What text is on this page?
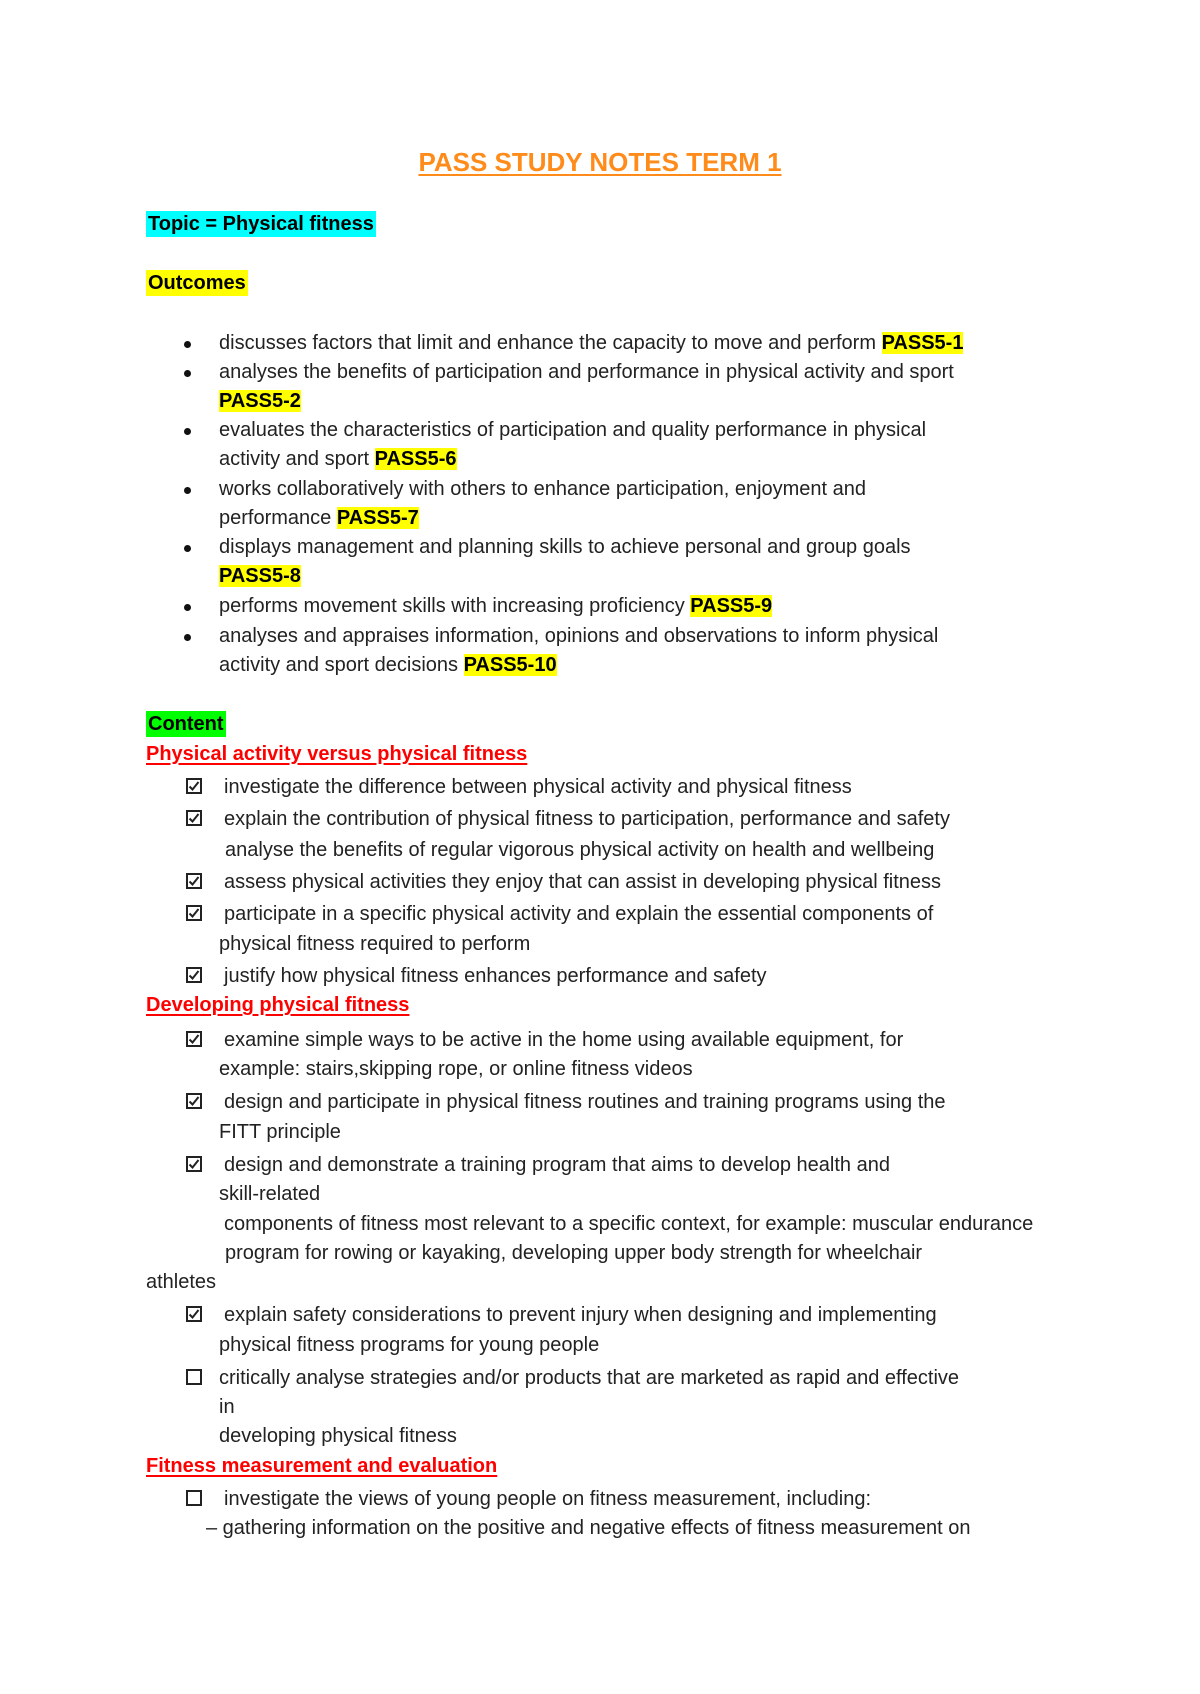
PASS STUDY NOTES TERM 1
Topic = Physical fitness
Outcomes
discusses factors that limit and enhance the capacity to move and perform PASS5-1
analyses the benefits of participation and performance in physical activity and sport
PASS5-2
evaluates the characteristics of participation and quality performance in physical
activity and sport PASS5-6
works collaboratively with others to enhance participation, enjoyment and
performance PASS5-7
displays management and planning skills to achieve personal and group goals
PASS5-8
performs movement skills with increasing proficiency PASS5-9
analyses and appraises information, opinions and observations to inform physical
activity and sport decisions PASS5-10
Content
Physical activity versus physical fitness
investigate the difference between physical activity and physical fitness
explain the contribution of physical fitness to participation, performance and safety
analyse the benefits of regular vigorous physical activity on health and wellbeing
assess physical activities they enjoy that can assist in developing physical fitness
participate in a specific physical activity and explain the essential components of
physical fitness required to perform
justify how physical fitness enhances performance and safety
Developing physical fitness
examine simple ways to be active in the home using available equipment, for
example: stairs,skipping rope, or online fitness videos
design and participate in physical fitness routines and training programs using the
FITT principle
design and demonstrate a training program that aims to develop health and
skill-related
components of fitness most relevant to a specific context, for example: muscular endurance
program for rowing or kayaking, developing upper body strength for wheelchair
athletes
explain safety considerations to prevent injury when designing and implementing
physical fitness programs for young people
critically analyse strategies and/or products that are marketed as rapid and effective
in
developing physical fitness
Fitness measurement and evaluation
investigate the views of young people on fitness measurement, including:
– gathering information on the positive and negative effects of fitness measurement on
